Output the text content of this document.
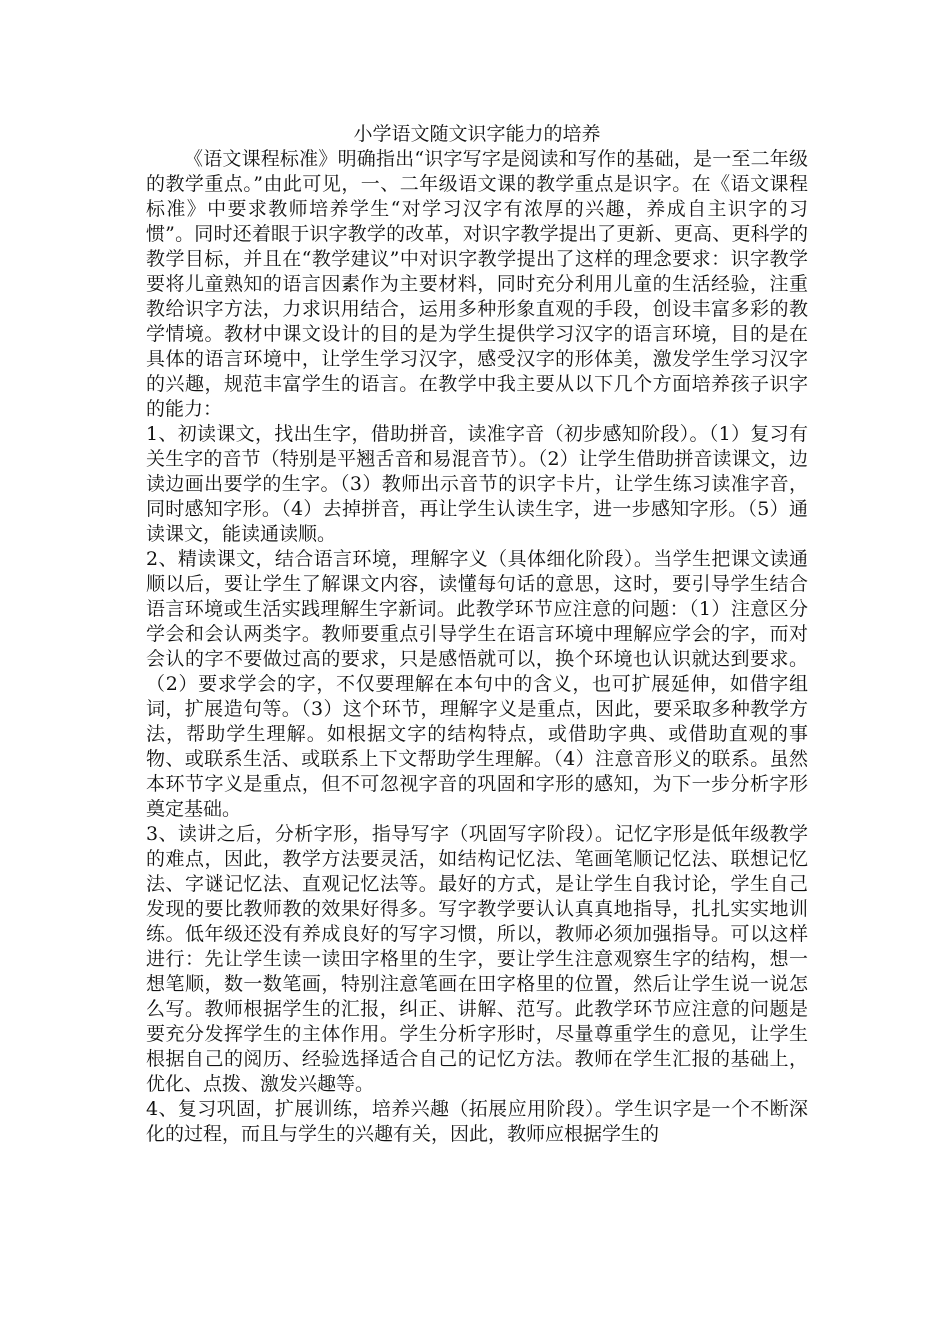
小学语文随文识字能力的培养

《语文课程标准》明确指出“识字写字是阅读和写作的基础，是一至二年级的教学重点。”由此可见，一、二年级语文课的教学重点是识字。在《语文课程标准》中要求教师培养学生“对学习汉字有浓厚的兴趣，养成自主识字的习惯”。同时还着眼于识字教学的改革，对识字教学提出了更新、更高、更科学的教学目标，并且在“教学建议”中对识字教学提出了这样的理念要求：识字教学要将儿童熟知的语言因素作为主要材料，同时充分利用儿童的生活经验，注重教给识字方法，力求识用结合，运用多种形象直观的手段，创设丰富多彩的教学情境。教材中课文设计的目的是为学生提供学习汉字的语言环境，目的是在具体的语言环境中，让学生学习汉字，感受汉字的形体美，激发学生学习汉字的兴趣，规范丰富学生的语言。在教学中我主要从以下几个方面培养孩子识字的能力：

1、初读课文，找出生字，借助拼音，读准字音（初步感知阶段）。（1）复习有关生字的音节（特别是平翘舌音和易混音节）。（2）让学生借助拼音读课文，边读边画出要学的生字。（3）教师出示音节的识字卡片，让学生练习读准字音，同时感知字形。（4）去掉拼音，再让学生认读生字，进一步感知字形。（5）通读课文，能读通读顺。

2、精读课文，结合语言环境，理解字义（具体细化阶段）。当学生把课文读通顺以后，要让学生了解课文内容，读懂每句话的意思，这时，要引导学生结合语言环境或生活实践理解生字新词。此教学环节应注意的问题：（1）注意区分学会和会认两类字。教师要重点引导学生在语言环境中理解应学会的字，而对会认的字不要做过高的要求，只是感悟就可以，换个环境也认识就达到要求。（2）要求学会的字，不仅要理解在本句中的含义，也可扩展延伸，如借字组词，扩展造句等。（3）这个环节，理解字义是重点，因此，要采取多种教学方法，帮助学生理解。如根据文字的结构特点，或借助字典、或借助直观的事物、或联系生活、或联系上下文帮助学生理解。（4）注意音形义的联系。虽然本环节字义是重点，但不可忽视字音的巩固和字形的感知，为下一步分析字形奠定基础。

3、读讲之后，分析字形，指导写字（巩固写字阶段）。记忆字形是低年级教学的难点，因此，教学方法要灵活，如结构记忆法、笔画笔顺记忆法、联想记忆法、字谜记忆法、直观记忆法等。最好的方式，是让学生自我讨论，学生自己发现的要比教师教的效果好得多。写字教学要认认真真地指导，扎扎实实地训练。低年级还没有养成良好的写字习惯，所以，教师必须加强指导。可以这样进行：先让学生读一读田字格里的生字，要让学生注意观察生字的结构，想一想笔顺，数一数笔画，特别注意笔画在田字格里的位置，然后让学生说一说怎么写。教师根据学生的汇报，纠正、讲解、范写。此教学环节应注意的问题是要充分发挥学生的主体作用。学生分析字形时，尽量尊重学生的意见，让学生根据自己的阅历、经验选择适合自己的记忆方法。教师在学生汇报的基础上，优化、点拨、激发兴趣等。

4、复习巩固，扩展训练，培养兴趣（拓展应用阶段）。学生识字是一个不断深化的过程，而且与学生的兴趣有关，因此，教师应根据学生的
